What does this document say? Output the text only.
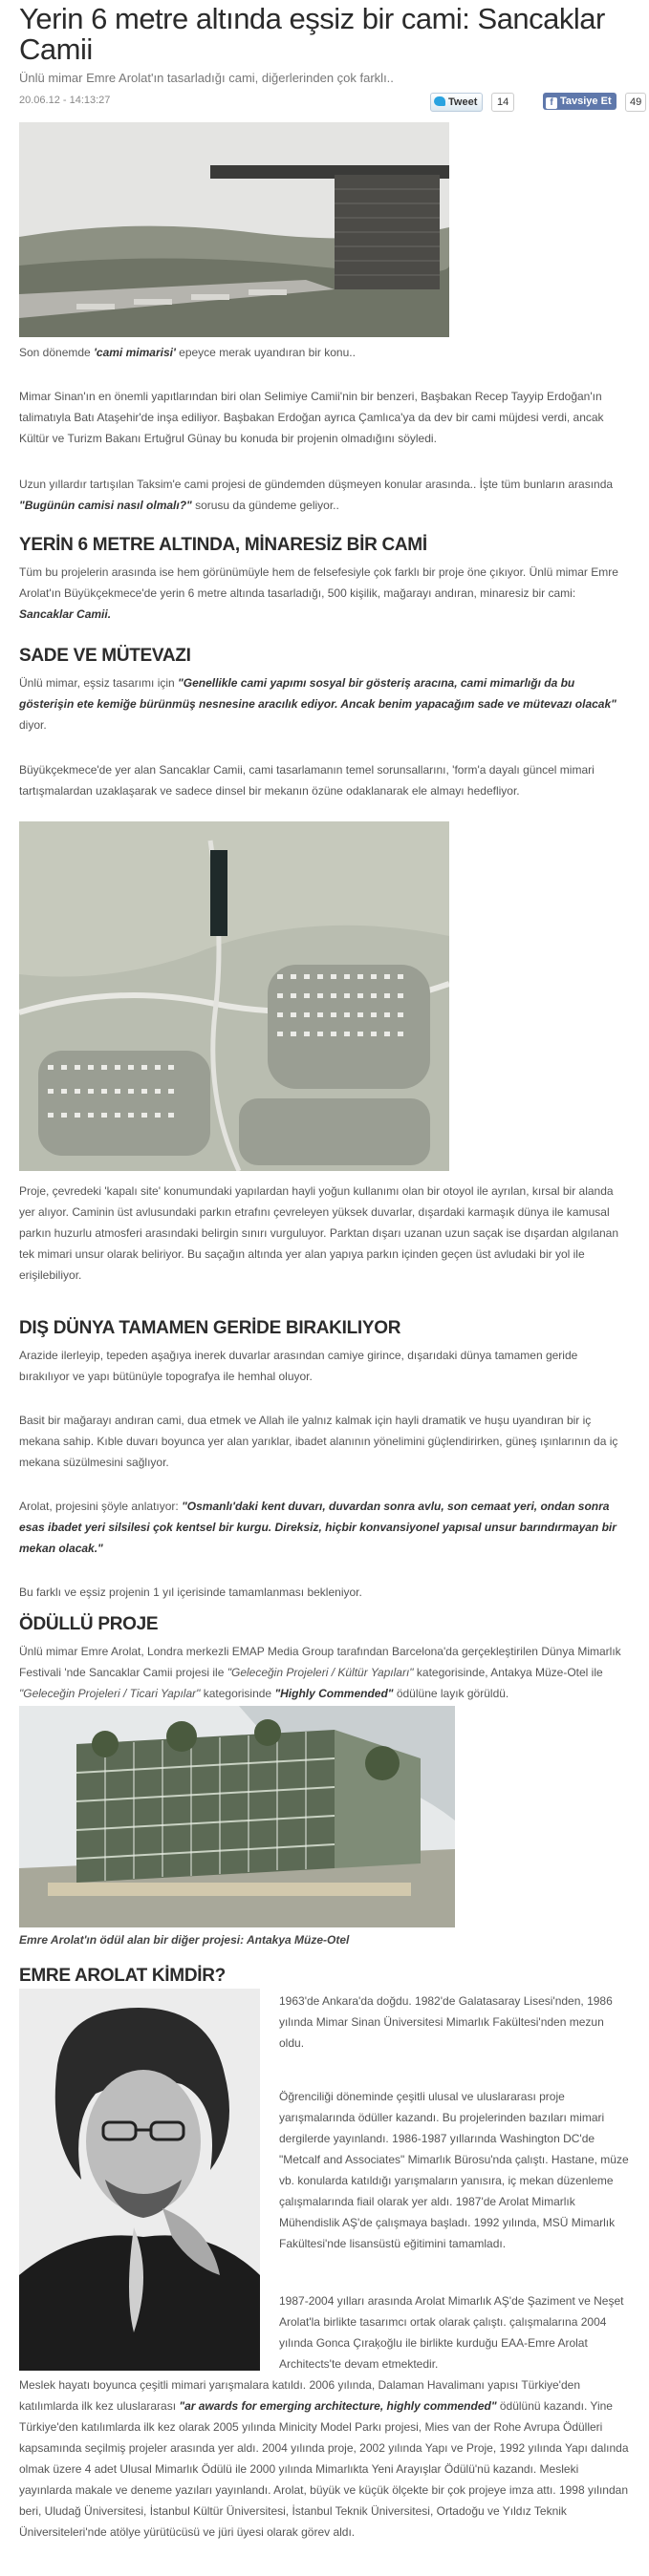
Yerin 6 metre altında eşsiz bir cami: Sancaklar Camii
Ünlü mimar Emre Arolat'ın tasarladığı cami, diğerlerinden çok farklı..
20.06.12 - 14:13:27	Tweet	14	f Tavsiye Et	49

Son dönemde 'cami mimarisi' epeyce merak uyandıran bir konu..

Mimar Sinan'ın en önemli yapıtlarından biri olan Selimiye Camii'nin bir benzeri, Başbakan Recep Tayyip Erdoğan'ın talimatıyla Batı Ataşehir'de inşa ediliyor. Başbakan Erdoğan ayrıca Çamlıca'ya da dev bir cami müjdesi verdi, ancak Kültür ve Turizm Bakanı Ertuğrul Günay bu konuda bir projenin olmadığını söyledi.

Uzun yıllardır tartışılan Taksim'e cami projesi de gündemden düşmeyen konular arasında.. İşte tüm bunların arasında "Bugünün camisi nasıl olmalı?" sorusu da gündeme geliyor..

YERİN 6 METRE ALTINDA, MİNARESİZ BİR CAMİ

Tüm bu projelerin arasında ise hem görünümüyle hem de felsefesiyle çok farklı bir proje öne çıkıyor. Ünlü mimar Emre Arolat'ın Büyükçekmece'de yerin 6 metre altında tasarladığı, 500 kişilik, mağarayı andıran, minaresiz bir cami: Sancaklar Camii.

SADE VE MÜTEVAZI

Ünlü mimar, eşsiz tasarımı için "Genellikle cami yapımı sosyal bir gösteriş aracına, cami mimarlığı da bu gösterişin ete kemiğe bürünmüş nesnesine aracılık ediyor. Ancak benim yapacağım sade ve mütevazı olacak" diyor.

Büyükçekmece'de yer alan Sancaklar Camii, cami tasarlamanın temel sorunsallarını, 'form'a dayalı güncel mimari tartışmalardan uzaklaşarak ve sadece dinsel bir mekanın özüne odaklanarak ele almayı hedefliyor.

Proje, çevredeki 'kapalı site' konumundaki yapılardan hayli yoğun kullanımı olan bir otoyol ile ayrılan, kırsal bir alanda yer alıyor. Caminin üst avlusundaki parkın etrafını çevreleyen yüksek duvarlar, dışardaki karmaşık dünya ile kamusal parkın huzurlu atmosferi arasındaki belirgin sınırı vurguluyor. Parktan dışarı uzanan uzun saçak ise dışardan algılanan tek mimari unsur olarak beliriyor. Bu saçağın altında yer alan yapıya parkın içinden geçen üst avludaki bir yol ile erişilebiliyor.

DIŞ DÜNYA TAMAMEN GERİDE BIRAKILIYOR

Arazide ilerleyip, tepeden aşağıya inerek duvarlar arasından camiye girince, dışarıdaki dünya tamamen geride bırakılıyor ve yapı bütünüyle topografya ile hemhal oluyor.

Basit bir mağarayı andıran cami, dua etmek ve Allah ile yalnız kalmak için hayli dramatik ve huşu uyandıran bir iç mekana sahip. Kıble duvarı boyunca yer alan yarıklar, ibadet alanının yönelimini güçlendirirken, güneş ışınlarının da iç mekana süzülmesini sağlıyor.

Arolat, projesini şöyle anlatıyor: "Osmanlı'daki kent duvarı, duvardan sonra avlu, son cemaat yeri, ondan sonra esas ibadet yeri silsilesi çok kentsel bir kurgu. Direksiz, hiçbir konvansiyonel yapısal unsur barındırmayan bir mekan olacak."

Bu farklı ve eşsiz projenin 1 yıl içerisinde tamamlanması bekleniyor.

ÖDÜLLÜ PROJE

Ünlü mimar Emre Arolat, Londra merkezli EMAP Media Group tarafından Barcelona'da gerçekleştirilen Dünya Mimarlık Festivali 'nde Sancaklar Camii projesi ile "Geleceğin Projeleri / Kültür Yapıları" kategorisinde, Antakya Müze-Otel ile "Geleceğin Projeleri / Ticari Yapılar" kategorisinde "Highly Commended" ödülüne layık görüldü.

Emre Arolat'ın ödül alan bir diğer projesi: Antakya Müze-Otel
EMRE AROLAT KİMDİR?

1963'de Ankara'da doğdu. 1982'de Galatasaray Lisesi'nden, 1986 yılında Mimar Sinan Üniversitesi Mimarlık Fakültesi'nden mezun oldu.

Öğrenciliği döneminde çeşitli ulusal ve uluslararası proje yarışmalarında ödüller kazandı. Bu projelerinden bazıları mimari dergilerde yayınlandı. 1986-1987 yıllarında Washington DC'de "Metcalf and Associates" Mimarlık Bürosu'nda çalıştı. Hastane, müze vb. konularda katıldığı yarışmaların yanısıra, iç mekan düzenleme çalışmalarında fiail olarak yer aldı. 1987'de Arolat Mimarlık Mühendislik AŞ'de çalışmaya başladı. 1992 yılında, MSÜ Mimarlık Fakültesi'nde lisansüstü eğitimini tamamladı.

1987-2004 yılları arasında Arolat Mimarlık AŞ'de Şaziment ve Neşet Arolat'la birlikte tasarımcı ortak olarak çalıştı. çalışmalarına 2004 yılında Gonca Çıraķoğlu ile birlikte kurduğu EAA-Emre Arolat Architects'te devam etmektedir.

Meslek hayatı boyunca çeşitli mimari yarışmalara katıldı. 2006 yılında, Dalaman Havalimanı yapısı Türkiye'den katılımlarda ilk kez uluslararası "ar awards for emerging architecture, highly commended" ödülünü kazandı. Yine Türkiye'den katılımlarda ilk kez olarak 2005 yılında Minicity Model Parkı projesi, Mies van der Rohe Avrupa Ödülleri kapsamında seçilmiş projeler arasında yer aldı. 2004 yılında proje, 2002 yılında Yapı ve Proje, 1992 yılında Yapı dalında olmak üzere 4 adet Ulusal Mimarlık Ödülü ile 2000 yılında Mimarlıkta Yeni Arayışlar Ödülü'nü kazandı. Mesleki yayınlarda makale ve deneme yazıları yayınlandı. Arolat, büyük ve küçük ölçekte bir çok projeye imza attı. 1998 yılından beri, Uludağ Üniversitesi, İstanbul Kültür Üniversitesi, İstanbul Teknik Üniversitesi, Ortadoğu ve Yıldız Teknik Üniversiteleri'nde atölye yürütücüsü ve jüri üyesi olarak görev aldı.
